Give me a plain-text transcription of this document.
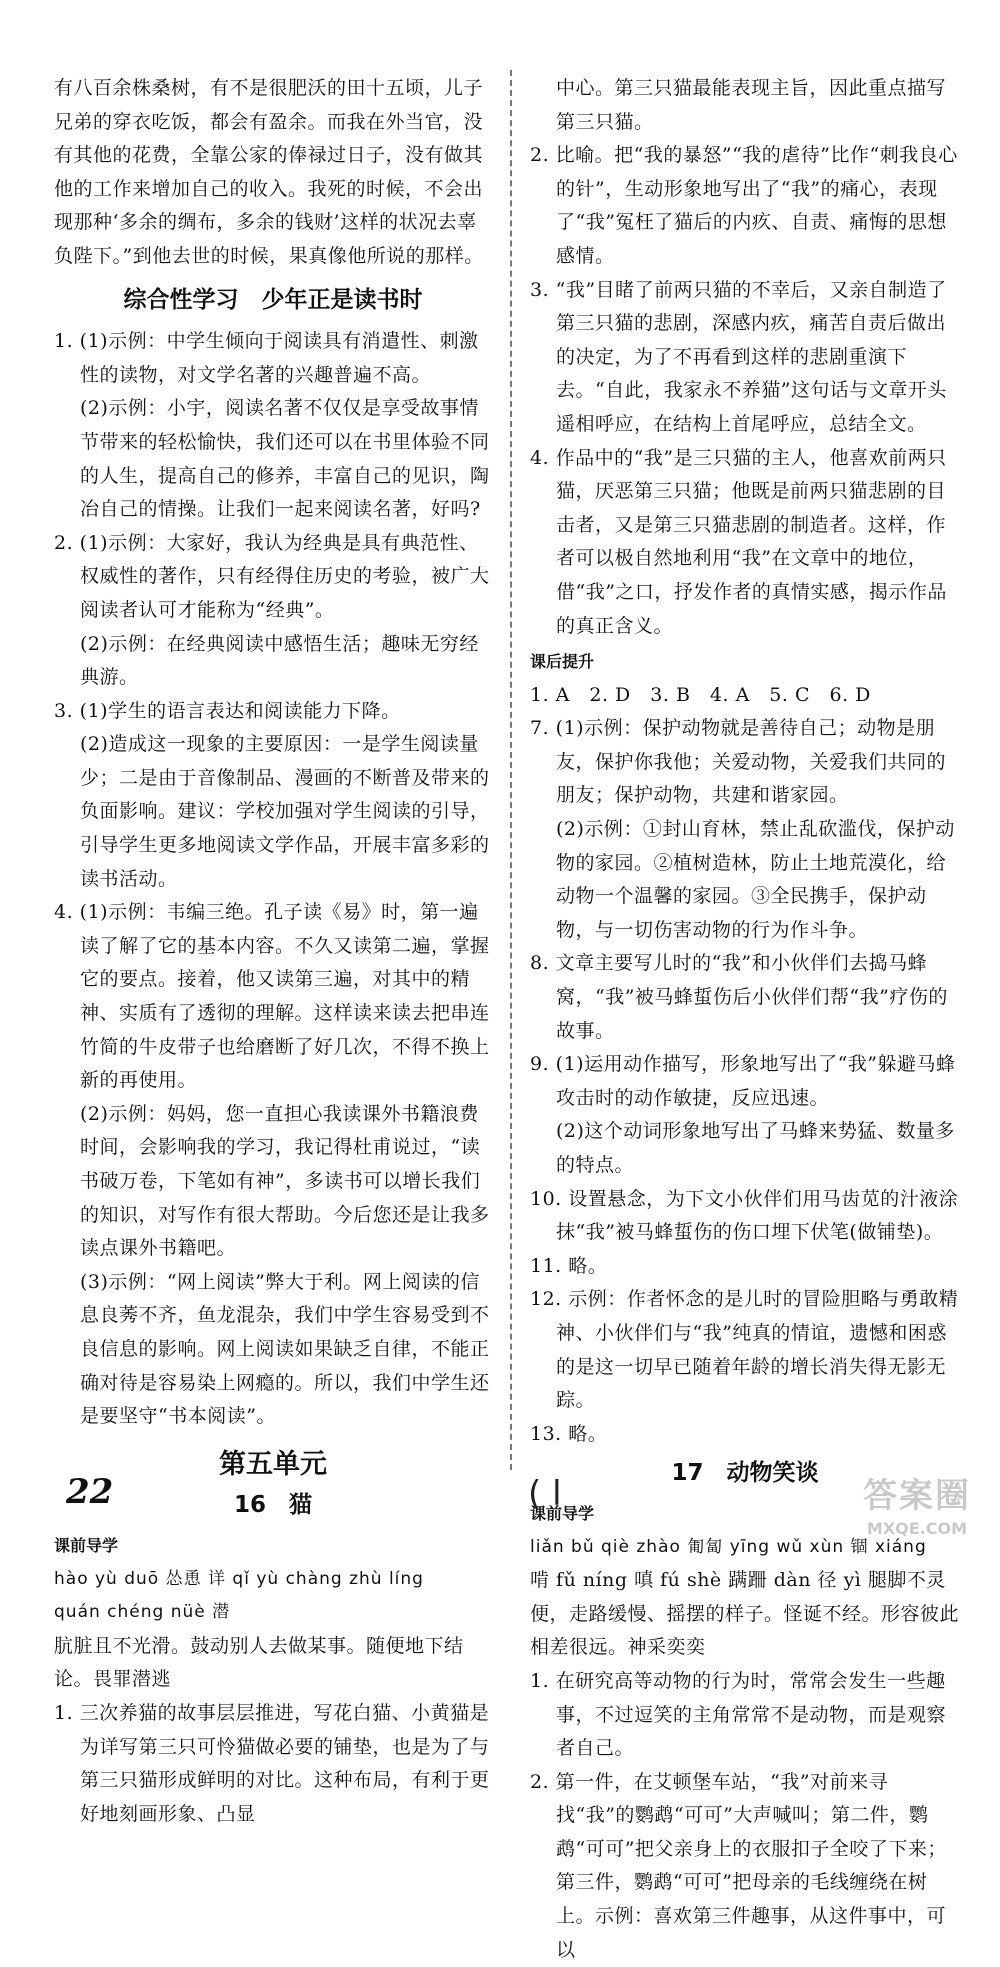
有八百余株桑树，有不是很肥沃的田十五顷，儿子兄弟的穿衣吃饭，都会有盈余。而我在外当官，没有其他的花费，全靠公家的俸禄过日子，没有做其他的工作来增加自己的收入。我死的时候，不会出现那种‘多余的绸布，多余的钱财’这样的状况去辜负陛下。”到他去世的时候，果真像他所说的那样。
综合性学习　少年正是读书时
1. (1)示例：中学生倾向于阅读具有消遣性、刺激性的读物，对文学名著的兴趣普遍不高。
(2)示例：小宇，阅读名著不仅仅是享受故事情节带来的轻松愉快，我们还可以在书里体验不同的人生，提高自己的修养，丰富自己的见识，陶冶自己的情操。让我们一起来阅读名著，好吗?
2. (1)示例：大家好，我认为经典是具有典范性、权威性的著作，只有经得住历史的考验，被广大阅读者认可才能称为“经典”。
(2)示例：在经典阅读中感悟生活；趣味无穷经典游。
3. (1)学生的语言表达和阅读能力下降。
(2)造成这一现象的主要原因：一是学生阅读量少；二是由于音像制品、漫画的不断普及带来的负面影响。建议：学校加强对学生阅读的引导，引导学生更多地阅读文学作品，开展丰富多彩的读书活动。
4. (1)示例：韦编三绝。孔子读《易》时，第一遍读了解了它的基本内容。不久又读第二遍，掌握它的要点。接着，他又读第三遍，对其中的精神、实质有了透彻的理解。这样读来读去把串连竹简的牛皮带子也给磨断了好几次，不得不换上新的再使用。
(2)示例：妈妈，您一直担心我读课外书籍浪费时间，会影响我的学习，我记得杜甫说过，“读书破万卷，下笔如有神”，多读书可以增长我们的知识，对写作有很大帮助。今后您还是让我多读点课外书籍吧。
(3)示例：“网上阅读”弊大于利。网上阅读的信息良莠不齐，鱼龙混杂，我们中学生容易受到不良信息的影响。网上阅读如果缺乏自律，不能正确对待是容易染上网瘾的。所以，我们中学生还是要坚守“书本阅读”。
第五单元
16　猫
课前导学
hào yù duō 怂恿 详 qǐ yù chàng zhù líng
quán chéng nüè 潜
肮脏且不光滑。鼓动别人去做某事。随便地下结论。畏罪潜逃
1. 三次养猫的故事层层推进，写花白猫、小黄猫是为详写第三只可怜猫做必要的铺垫，也是为了与第三只猫形成鲜明的对比。这种布局，有利于更好地刻画形象、凸显
中心。第三只猫最能表现主旨，因此重点描写第三只猫。
2. 比喻。把“我的暴怒”“我的虐待”比作“刺我良心的针”，生动形象地写出了“我”的痛心，表现了“我”冤枉了猫后的内疚、自责、痛悔的思想感情。
3. “我”目睹了前两只猫的不幸后，又亲自制造了第三只猫的悲剧，深感内疚，痛苦自责后做出的决定，为了不再看到这样的悲剧重演下去。“自此，我家永不养猫”这句话与文章开头遥相呼应，在结构上首尾呼应，总结全文。
4. 作品中的“我”是三只猫的主人，他喜欢前两只猫，厌恶第三只猫；他既是前两只猫悲剧的目击者，又是第三只猫悲剧的制造者。这样，作者可以极自然地利用“我”在文章中的地位，借“我”之口，抒发作者的真情实感，揭示作品的真正含义。
课后提升
1. A　2. D　3. B　4. A　5. C　6. D
7. (1)示例：保护动物就是善待自己；动物是朋友，保护你我他；关爱动物，关爱我们共同的朋友；保护动物，共建和谐家园。
(2)示例：①封山育林，禁止乱砍滥伐，保护动物的家园。②植树造林，防止土地荒漠化，给动物一个温馨的家园。③全民携手，保护动物，与一切伤害动物的行为作斗争。
8. 文章主要写儿时的“我”和小伙伴们去捣马蜂窝，“我”被马蜂蜇伤后小伙伴们帮“我”疗伤的故事。
9. (1)运用动作描写，形象地写出了“我”躲避马蜂攻击时的动作敏捷，反应迅速。
(2)这个动词形象地写出了马蜂来势猛、数量多的特点。
10. 设置悬念，为下文小伙伴们用马齿苋的汁液涂抹“我”被马蜂蜇伤的伤口埋下伏笔(做铺垫)。
11. 略。
12. 示例：作者怀念的是儿时的冒险胆略与勇敢精神、小伙伴们与“我”纯真的情谊，遗憾和困惑的是这一切早已随着年龄的增长消失得无影无踪。
13. 略。
17　动物笑谈
课前导学
liǎn bǔ qiè zhào 匍匐 yīng wǔ xùn 锢 xiáng
啃 fǔ níng 嗔 fú shè 蹒跚 dàn 径 yì 腿脚不灵便，走路缓慢、摇摆的样子。怪诞不经。形容彼此相差很远。神采奕奕
1. 在研究高等动物的行为时，常常会发生一些趣事，不过逗笑的主角常常不是动物，而是观察者自己。
2. 第一件，在艾顿堡车站，“我”对前来寻找“我”的鹦鹉“可可”大声喊叫；第二件，鹦鹉“可可”把父亲身上的衣服扣子全咬了下来；第三件，鹦鹉“可可”把母亲的毛线缠绕在树上。示例：喜欢第三件趣事，从这件事中，可以
22	( l	答案圈
MXQE.COM
